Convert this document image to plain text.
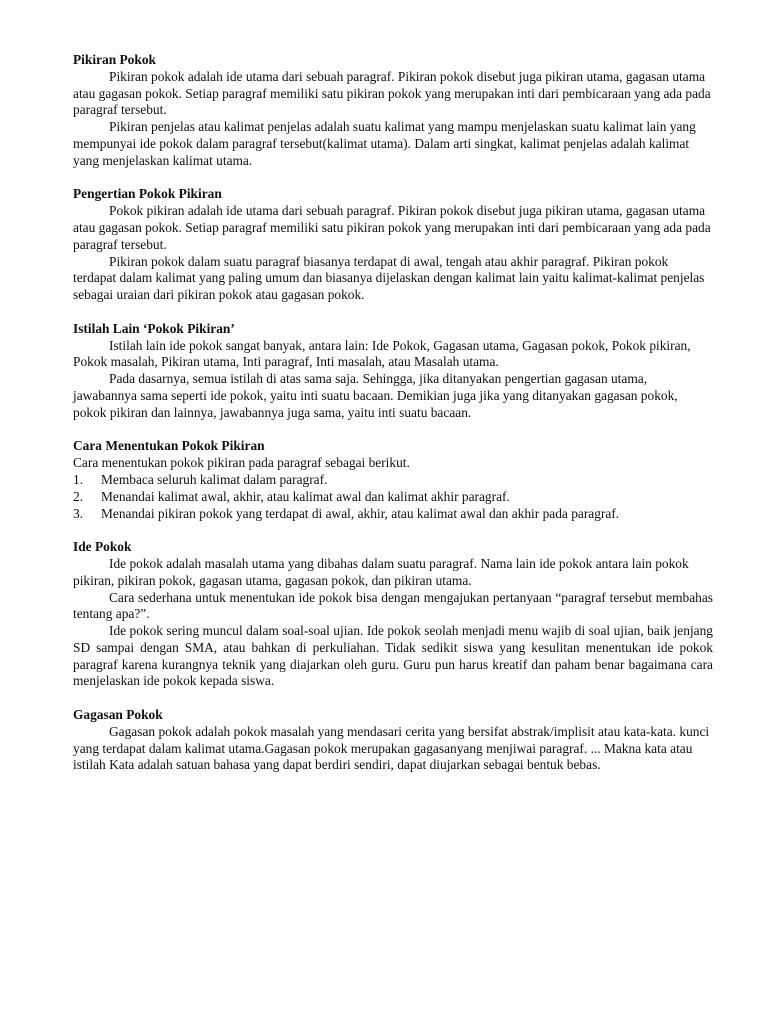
Pikiran Pokok

Pikiran pokok adalah ide utama dari sebuah paragraf. Pikiran pokok disebut juga pikiran utama, gagasan utama atau gagasan pokok. Setiap paragraf memiliki satu pikiran pokok yang merupakan inti dari pembicaraan yang ada pada paragraf tersebut.

Pikiran penjelas atau kalimat penjelas adalah suatu kalimat yang mampu menjelaskan suatu kalimat lain yang mempunyai ide pokok dalam paragraf tersebut(kalimat utama). Dalam arti singkat, kalimat penjelas adalah kalimat yang menjelaskan kalimat utama.

Pengertian Pokok Pikiran

Pokok pikiran adalah ide utama dari sebuah paragraf. Pikiran pokok disebut juga pikiran utama, gagasan utama atau gagasan pokok. Setiap paragraf memiliki satu pikiran pokok yang merupakan inti dari pembicaraan yang ada pada paragraf tersebut.

Pikiran pokok dalam suatu paragraf biasanya terdapat di awal, tengah atau akhir paragraf. Pikiran pokok terdapat dalam kalimat yang paling umum dan biasanya dijelaskan dengan kalimat lain yaitu kalimat-kalimat penjelas sebagai uraian dari pikiran pokok atau gagasan pokok.

Istilah Lain ‘Pokok Pikiran’

Istilah lain ide pokok sangat banyak, antara lain: Ide Pokok, Gagasan utama, Gagasan pokok, Pokok pikiran, Pokok masalah, Pikiran utama, Inti paragraf, Inti masalah, atau Masalah utama.

Pada dasarnya, semua istilah di atas sama saja. Sehingga, jika ditanyakan pengertian gagasan utama, jawabannya sama seperti ide pokok, yaitu inti suatu bacaan. Demikian juga jika yang ditanyakan gagasan pokok, pokok pikiran dan lainnya, jawabannya juga sama, yaitu inti suatu bacaan.

Cara Menentukan Pokok Pikiran

Cara menentukan pokok pikiran pada paragraf sebagai berikut.

1.	Membaca seluruh kalimat dalam paragraf.
2.	Menandai kalimat awal, akhir, atau kalimat awal dan kalimat akhir paragraf.
3.	Menandai pikiran pokok yang terdapat di awal, akhir, atau kalimat awal dan akhir pada paragraf.
Ide Pokok

Ide pokok adalah masalah utama yang dibahas dalam suatu paragraf. Nama lain ide pokok antara lain pokok pikiran, pikiran pokok, gagasan utama, gagasan pokok, dan pikiran utama.

Cara sederhana untuk menentukan ide pokok bisa dengan mengajukan pertanyaan “paragraf tersebut membahas tentang apa?”.

Ide pokok sering muncul dalam soal-soal ujian. Ide pokok seolah menjadi menu wajib di soal ujian, baik jenjang SD sampai dengan SMA, atau bahkan di perkuliahan. Tidak sedikit siswa yang kesulitan menentukan ide pokok paragraf karena kurangnya teknik yang diajarkan oleh guru. Guru pun harus kreatif dan paham benar bagaimana cara menjelaskan ide pokok kepada siswa.

Gagasan Pokok

Gagasan pokok adalah pokok masalah yang mendasari cerita yang bersifat abstrak/implisit atau kata-kata. kunci yang terdapat dalam kalimat utama.Gagasan pokok merupakan gagasanyang menjiwai paragraf. ... Makna kata atau istilah Kata adalah satuan bahasa yang dapat berdiri sendiri, dapat diujarkan sebagai bentuk bebas.
